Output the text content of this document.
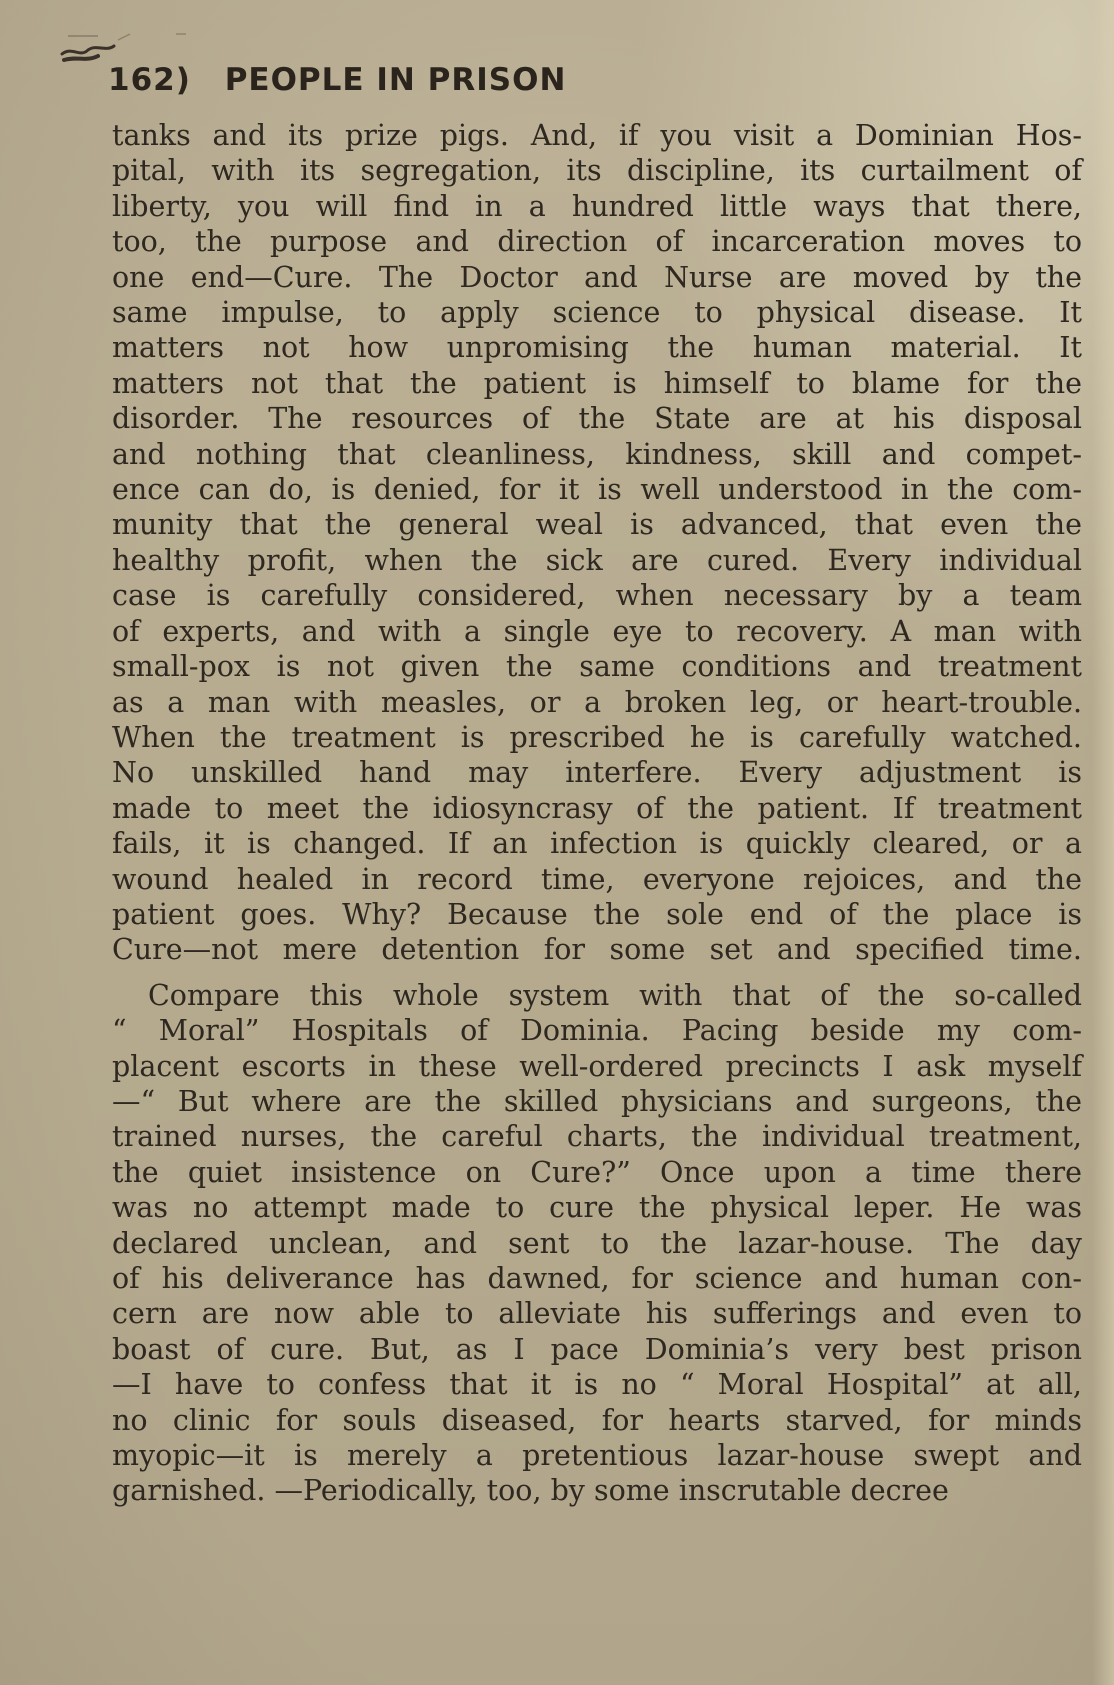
162) PEOPLE IN PRISON
tanks and its prize pigs. And, if you visit a Dominian Hos-
pital, with its segregation, its discipline, its curtailment of
liberty, you will find in a hundred little ways that there,
too, the purpose and direction of incarceration moves to
one end—Cure. The Doctor and Nurse are moved by the
same impulse, to apply science to physical disease. It
matters not how unpromising the human material. It
matters not that the patient is himself to blame for the
disorder. The resources of the State are at his disposal
and nothing that cleanliness, kindness, skill and compet-
ence can do, is denied, for it is well understood in the com-
munity that the general weal is advanced, that even the
healthy profit, when the sick are cured. Every individual
case is carefully considered, when necessary by a team
of experts, and with a single eye to recovery. A man with
small-pox is not given the same conditions and treatment
as a man with measles, or a broken leg, or heart-trouble.
When the treatment is prescribed he is carefully watched.
No unskilled hand may interfere. Every adjustment is
made to meet the idiosyncrasy of the patient. If treatment
fails, it is changed. If an infection is quickly cleared, or a
wound healed in record time, everyone rejoices, and the
patient goes. Why? Because the sole end of the place is
Cure—not mere detention for some set and specified time.
Compare this whole system with that of the so-called
“ Moral” Hospitals of Dominia. Pacing beside my com-
placent escorts in these well-ordered precincts I ask myself
—“ But where are the skilled physicians and surgeons, the
trained nurses, the careful charts, the individual treatment,
the quiet insistence on Cure?” Once upon a time there
was no attempt made to cure the physical leper. He was
declared unclean, and sent to the lazar-house. The day
of his deliverance has dawned, for science and human con-
cern are now able to alleviate his sufferings and even to
boast of cure. But, as I pace Dominia’s very best prison
—I have to confess that it is no “ Moral Hospital” at all,
no clinic for souls diseased, for hearts starved, for minds
myopic—it is merely a pretentious lazar-house swept and
garnished. —Periodically, too, by some inscrutable decree
